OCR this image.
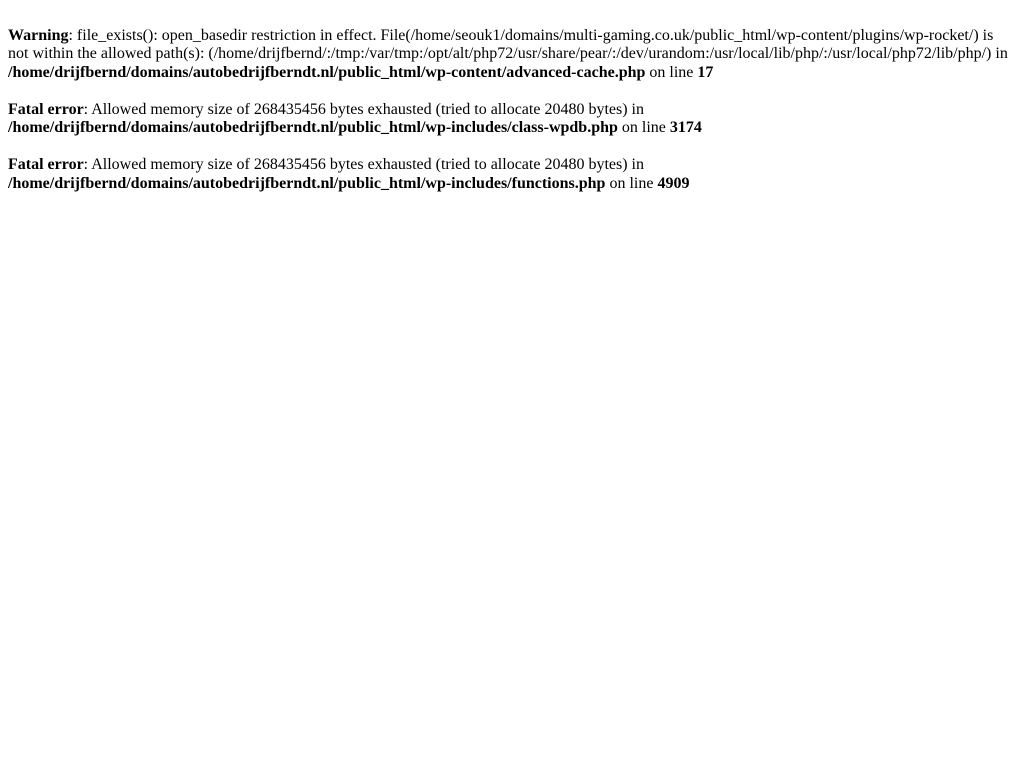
Warning: file_exists(): open_basedir restriction in effect. File(/home/seouk1/domains/multi-gaming.co.uk/public_html/wp-content/plugins/wp-rocket/) is not within the allowed path(s): (/home/drijfbernd/:/tmp:/var/tmp:/opt/alt/php72/usr/share/pear/:/dev/urandom:/usr/local/lib/php/:/usr/local/php72/lib/php/) in /home/drijfbernd/domains/autobedrijfberndt.nl/public_html/wp-content/advanced-cache.php on line 17
Fatal error: Allowed memory size of 268435456 bytes exhausted (tried to allocate 20480 bytes) in
/home/drijfbernd/domains/autobedrijfberndt.nl/public_html/wp-includes/class-wpdb.php on line 3174
Fatal error: Allowed memory size of 268435456 bytes exhausted (tried to allocate 20480 bytes) in
/home/drijfbernd/domains/autobedrijfberndt.nl/public_html/wp-includes/functions.php on line 4909
